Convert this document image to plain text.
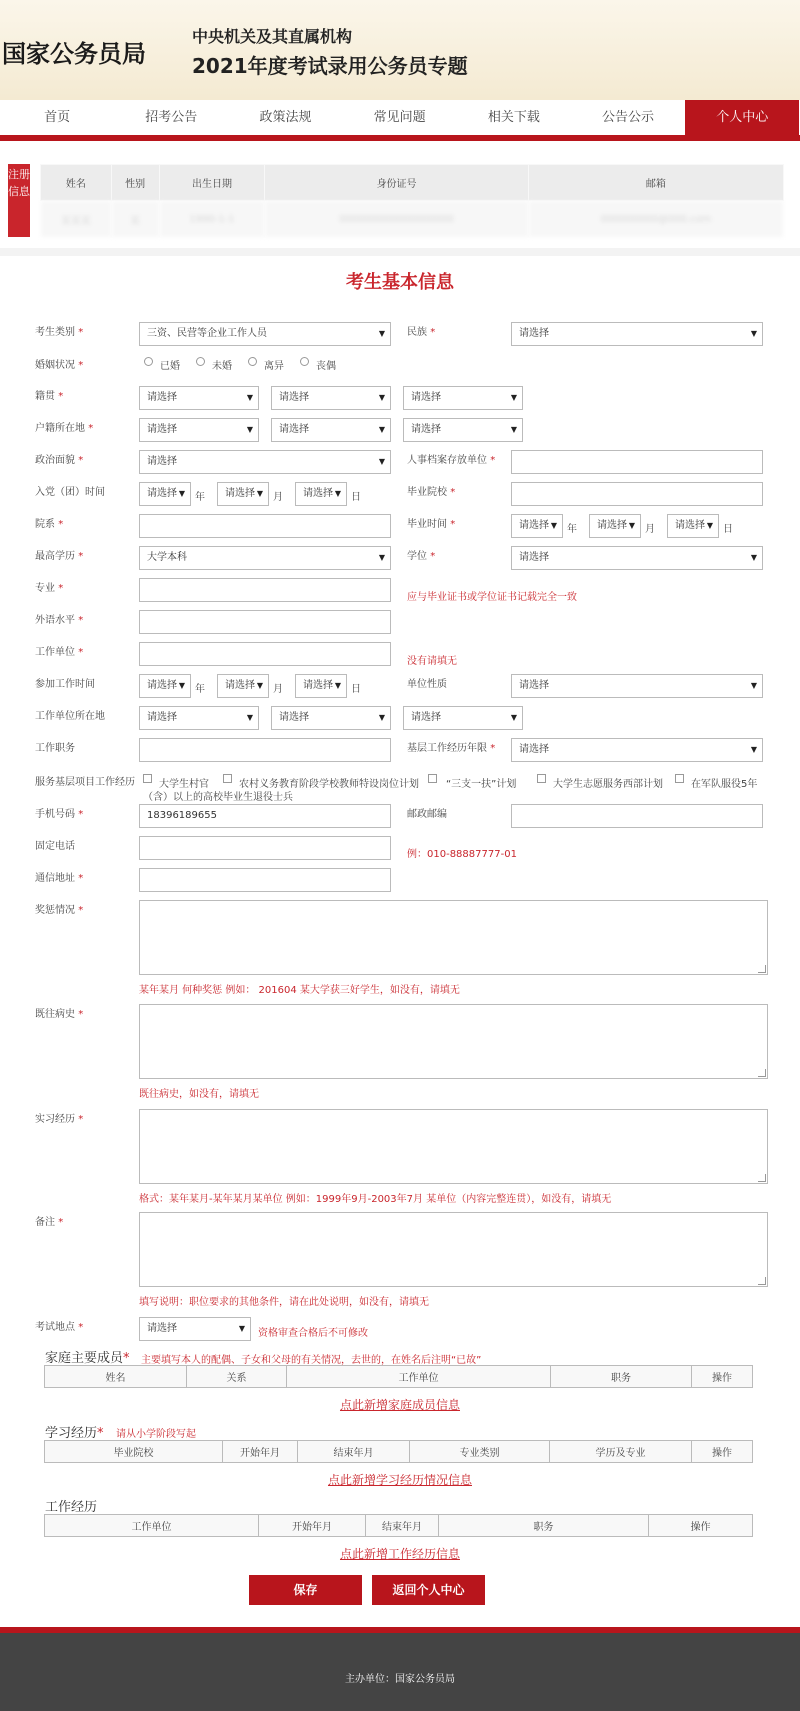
国家公务员局
中央机关及其直属机构
2021年度考试录用公务员专题
首页	招考公告	政策法规	常见问题	相关下载	公告公示	个人中心
注册信息
姓名	性别	出生日期	身份证号	邮箱
某某某	某	1990-1-1	000000000000000000	000000000@000.com
考生基本信息
考生类别 *	三资、民营等企业工作人员	▼ 民族 *	请选择	▼
婚姻状况 *	已婚	未婚	离异	丧偶
籍贯 *	请选择	▼	请选择	▼	请选择	▼
户籍所在地 *	请选择	▼	请选择	▼	请选择	▼
政治面貌 *	请选择	▼ 人事档案存放单位 *
入党（团）时间	请选择 ▼ 年	请选择 ▼ 月	请选择 ▼ 日	毕业院校 *
院系 *	毕业时间 *	请选择 ▼ 年	请选择 ▼ 月	请选择 ▼ 日
最高学历 *	大学本科	▼ 学位 *	请选择	▼
专业 *
应与毕业证书或学位证书记载完全一致
外语水平 *
工作单位 *
没有请填无
参加工作时间	请选择 ▼ 年	请选择 ▼ 月	请选择 ▼ 日	单位性质	请选择	▼
工作单位所在地	请选择	▼	请选择	▼	请选择	▼
工作职务	基层工作经历年限 *	请选择	▼
服务基层项目工作经历 大学生村官	农村义务教育阶段学校教师特设岗位计划	“三支一扶”计划	大学生志愿服务西部计划	在军队服役5年
（含）以上的高校毕业生退役士兵
手机号码 *	18396189655	邮政邮编
固定电话
例：010-88887777-01
通信地址 *
奖惩情况 *
某年某月 何种奖惩 例如： 201604 某大学获三好学生，如没有，请填无
既往病史 *
既往病史，如没有，请填无
实习经历 *
格式：某年某月-某年某月某单位 例如：1999年9月-2003年7月 某单位（内容完整连贯），如没有，请填无
备注 *
填写说明：职位要求的其他条件，请在此处说明，如没有，请填无
考试地点 *	请选择	▼ 资格审查合格后不可修改
家庭主要成员* 主要填写本人的配偶、子女和父母的有关情况，去世的，在姓名后注明“已故”
姓名	关系	工作单位	职务	操作
点此新增家庭成员信息
学习经历* 请从小学阶段写起
毕业院校	开始年月	结束年月	专业类别	学历及专业	操作
点此新增学习经历情况信息
工作经历
工作单位	开始年月	结束年月	职务	操作
点此新增工作经历信息
保存	返回个人中心
主办单位：国家公务员局
